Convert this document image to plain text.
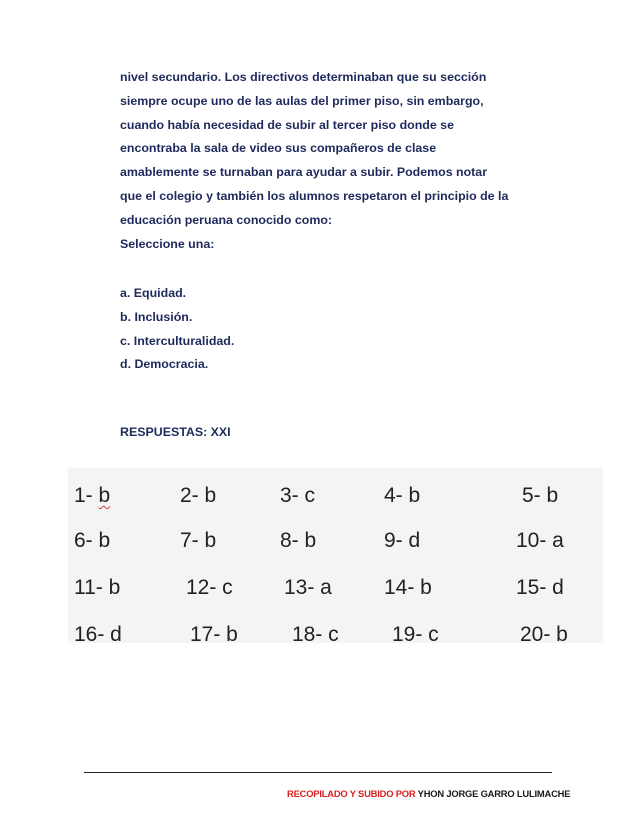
nivel secundario. Los directivos determinaban que su sección
siempre ocupe uno de las aulas del primer piso, sin embargo,
cuando había necesidad de subir al tercer piso donde se
encontraba la sala de video sus compañeros de clase
amablemente se turnaban para ayudar a subir. Podemos notar
que el colegio y también los alumnos respetaron el principio de la
educación peruana conocido como:
Seleccione una:
a. Equidad.
b. Inclusión.
c. Interculturalidad.
d. Democracia.
RESPUESTAS: XXI
1- b	2- b	3- c	4- b	5- b
6- b	7- b	8- b	9- d	10- a
11- b	12- c 13- a 14- b	15- d
16- d	17- b	18- c	19- c	20- b
RECOPILADO Y SUBIDO POR YHON JORGE GARRO LULIMACHE
